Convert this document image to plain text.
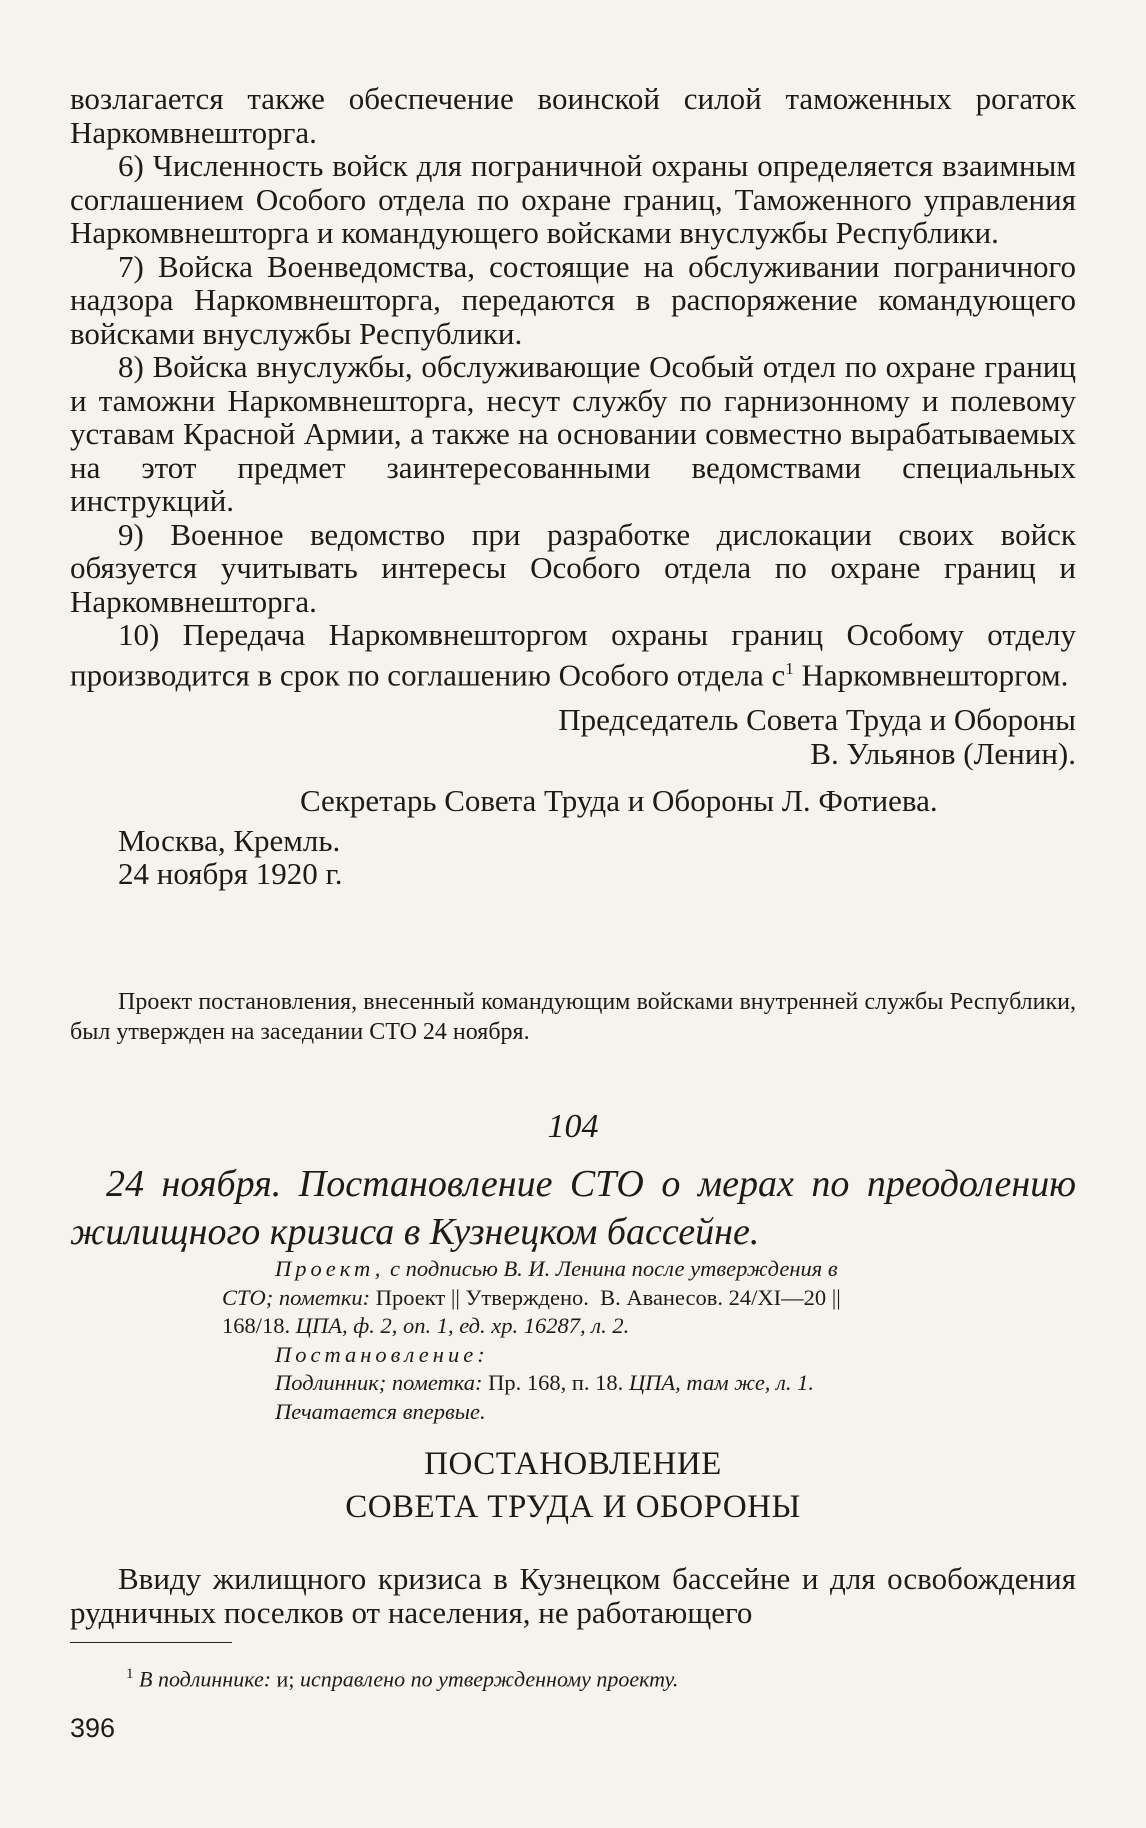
возлагается также обеспечение воинской силой таможенных рогаток Наркомвнешторга.

6) Численность войск для пограничной охраны определяется взаимным соглашением Особого отдела по охране границ, Таможенного управления Наркомвнешторга и командующего войсками внуслужбы Республики.

7) Войска Военведомства, состоящие на обслуживании пограничного надзора Наркомвнешторга, передаются в распоряжение командующего войсками внуслужбы Республики.

8) Войска внуслужбы, обслуживающие Особый отдел по охране границ и таможни Наркомвнешторга, несут службу по гарнизонному и полевому уставам Красной Армии, а также на основании совместно вырабатываемых на этот предмет заинтересованными ведомствами специальных инструкций.

9) Военное ведомство при разработке дислокации своих войск обязуется учитывать интересы Особого отдела по охране границ и Наркомвнешторга.

10) Передача Наркомвнешторгом охраны границ Особому отделу производится в срок по соглашению Особого отдела $с^1$ Наркомвнешторгом.

Председатель Совета Труда и Обороны

В. Ульянов (Ленин).

Секретарь Совета Труда и Обороны Л. Фотиева.

Москва, Кремль.

24 ноября 1920 г.

Проект постановления, внесенный командующим войсками внутренней службы Республики, был утвержден на заседании СТО 24 ноября.
104
24 ноября. Постановление СТО о мерах по преодолению жилищного кризиса в Кузнецком бассейне.

Проект, с подписью В. И. Ленина после утверждения в

СТО; пометки: Проект || Утверждено.  В. Аванесов. 24/XI—20 ||

168/18. ЦПА, ф. 2, оп. 1, ед. хр. 16287, л. 2.

Постановление:

Подлинник; пометка: Пр. 168, п. 18. ЦПА, там же, л. 1.

Печатается впервые.

ПОСТАНОВЛЕНИЕ
СОВЕТА ТРУДА И ОБОРОНЫ

Ввиду жилищного кризиса в Кузнецком бассейне и для освобождения рудничных поселков от населения, не работающего

$^1$ В подлиннике: и; исправлено по утвержденному проекту.
396
